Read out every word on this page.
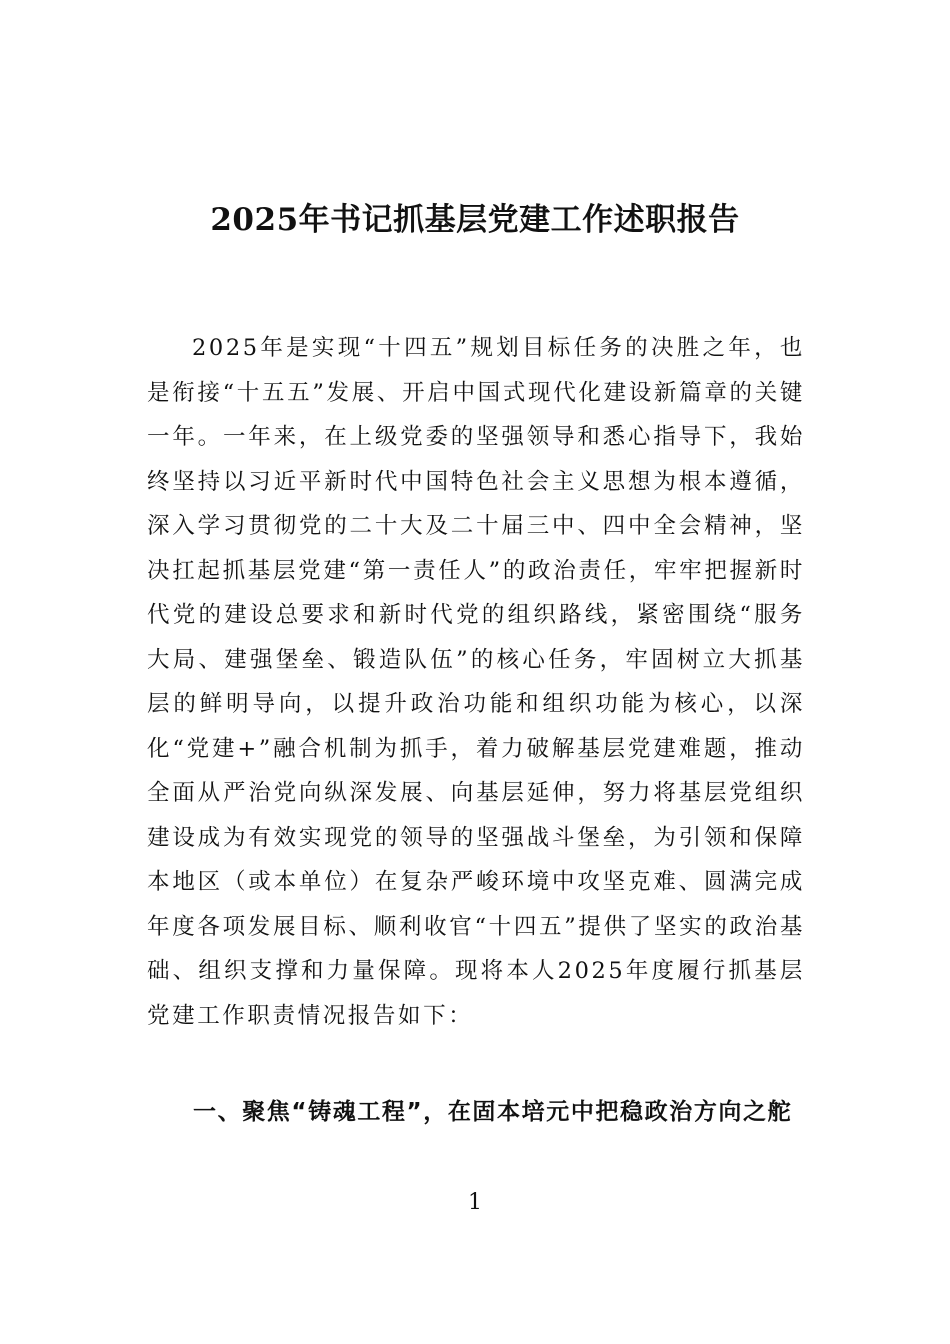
2025年书记抓基层党建工作述职报告

2025年是实现“十四五”规划目标任务的决胜之年，也是衔接“十五五”发展、开启中国式现代化建设新篇章的关键一年。一年来，在上级党委的坚强领导和悉心指导下，我始终坚持以习近平新时代中国特色社会主义思想为根本遵循，深入学习贯彻党的二十大及二十届三中、四中全会精神，坚决扛起抓基层党建“第一责任人”的政治责任，牢牢把握新时代党的建设总要求和新时代党的组织路线，紧密围绕“服务大局、建强堡垒、锻造队伍”的核心任务，牢固树立大抓基层的鲜明导向，以提升政治功能和组织功能为核心，以深化“党建+”融合机制为抓手，着力破解基层党建难题，推动全面从严治党向纵深发展、向基层延伸，努力将基层党组织建设成为有效实现党的领导的坚强战斗堡垒，为引领和保障本地区（或本单位）在复杂严峻环境中攻坚克难、圆满完成年度各项发展目标、顺利收官“十四五”提供了坚实的政治基础、组织支撑和力量保障。现将本人2025年度履行抓基层党建工作职责情况报告如下：

一、聚焦“铸魂工程”，在固本培元中把稳政治方向之舵

1
